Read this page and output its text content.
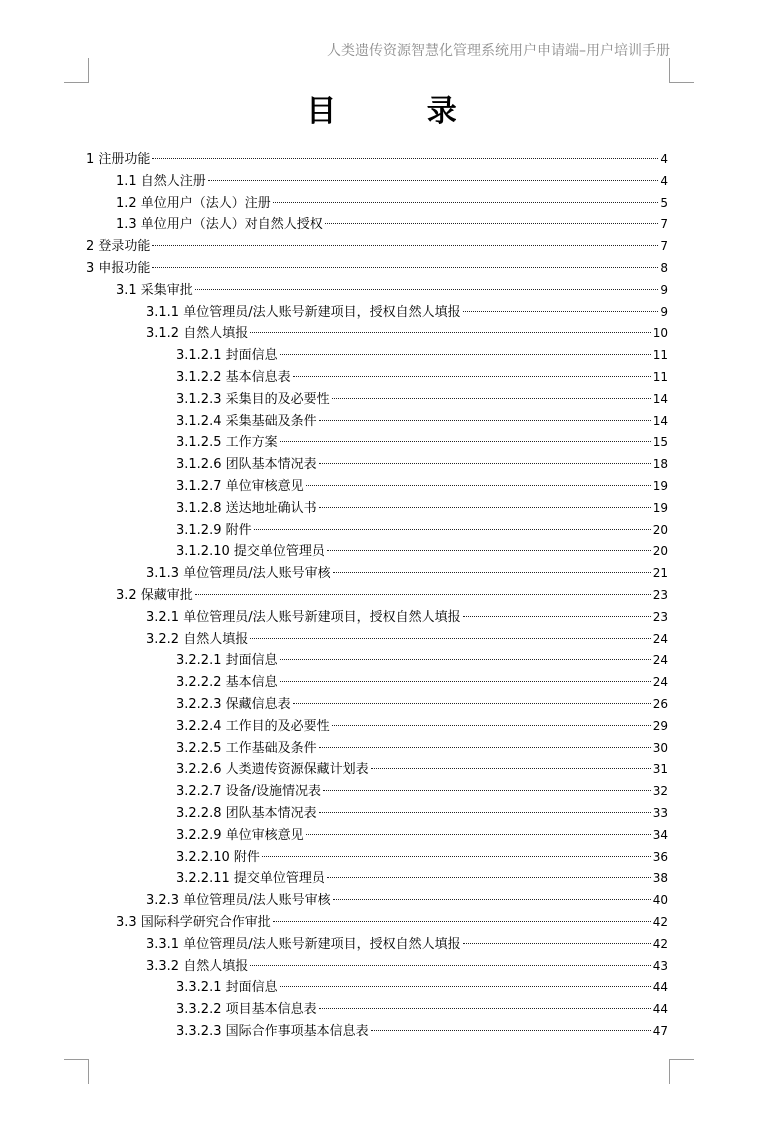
人类遗传资源智慧化管理系统用户申请端–用户培训手册
目 录
1 注册功能	4
1.1 自然人注册	4
1.2 单位用户（法人）注册	5
1.3 单位用户（法人）对自然人授权	7
2 登录功能	7
3 申报功能	8
3.1 采集审批	9
3.1.1 单位管理员/法人账号新建项目，授权自然人填报	9
3.1.2 自然人填报	10
3.1.2.1 封面信息	11
3.1.2.2 基本信息表	11
3.1.2.3 采集目的及必要性	14
3.1.2.4 采集基础及条件	14
3.1.2.5 工作方案	15
3.1.2.6 团队基本情况表	18
3.1.2.7 单位审核意见	19
3.1.2.8 送达地址确认书	19
3.1.2.9 附件	20
3.1.2.10 提交单位管理员	20
3.1.3 单位管理员/法人账号审核	21
3.2 保藏审批	23
3.2.1 单位管理员/法人账号新建项目，授权自然人填报	23
3.2.2 自然人填报	24
3.2.2.1 封面信息	24
3.2.2.2 基本信息	24
3.2.2.3 保藏信息表	26
3.2.2.4 工作目的及必要性	29
3.2.2.5 工作基础及条件	30
3.2.2.6 人类遗传资源保藏计划表	31
3.2.2.7 设备/设施情况表	32
3.2.2.8 团队基本情况表	33
3.2.2.9 单位审核意见	34
3.2.2.10 附件	36
3.2.2.11 提交单位管理员	38
3.2.3 单位管理员/法人账号审核	40
3.3 国际科学研究合作审批	42
3.3.1 单位管理员/法人账号新建项目，授权自然人填报	42
3.3.2 自然人填报	43
3.3.2.1 封面信息	44
3.3.2.2 项目基本信息表	44
3.3.2.3 国际合作事项基本信息表	47
